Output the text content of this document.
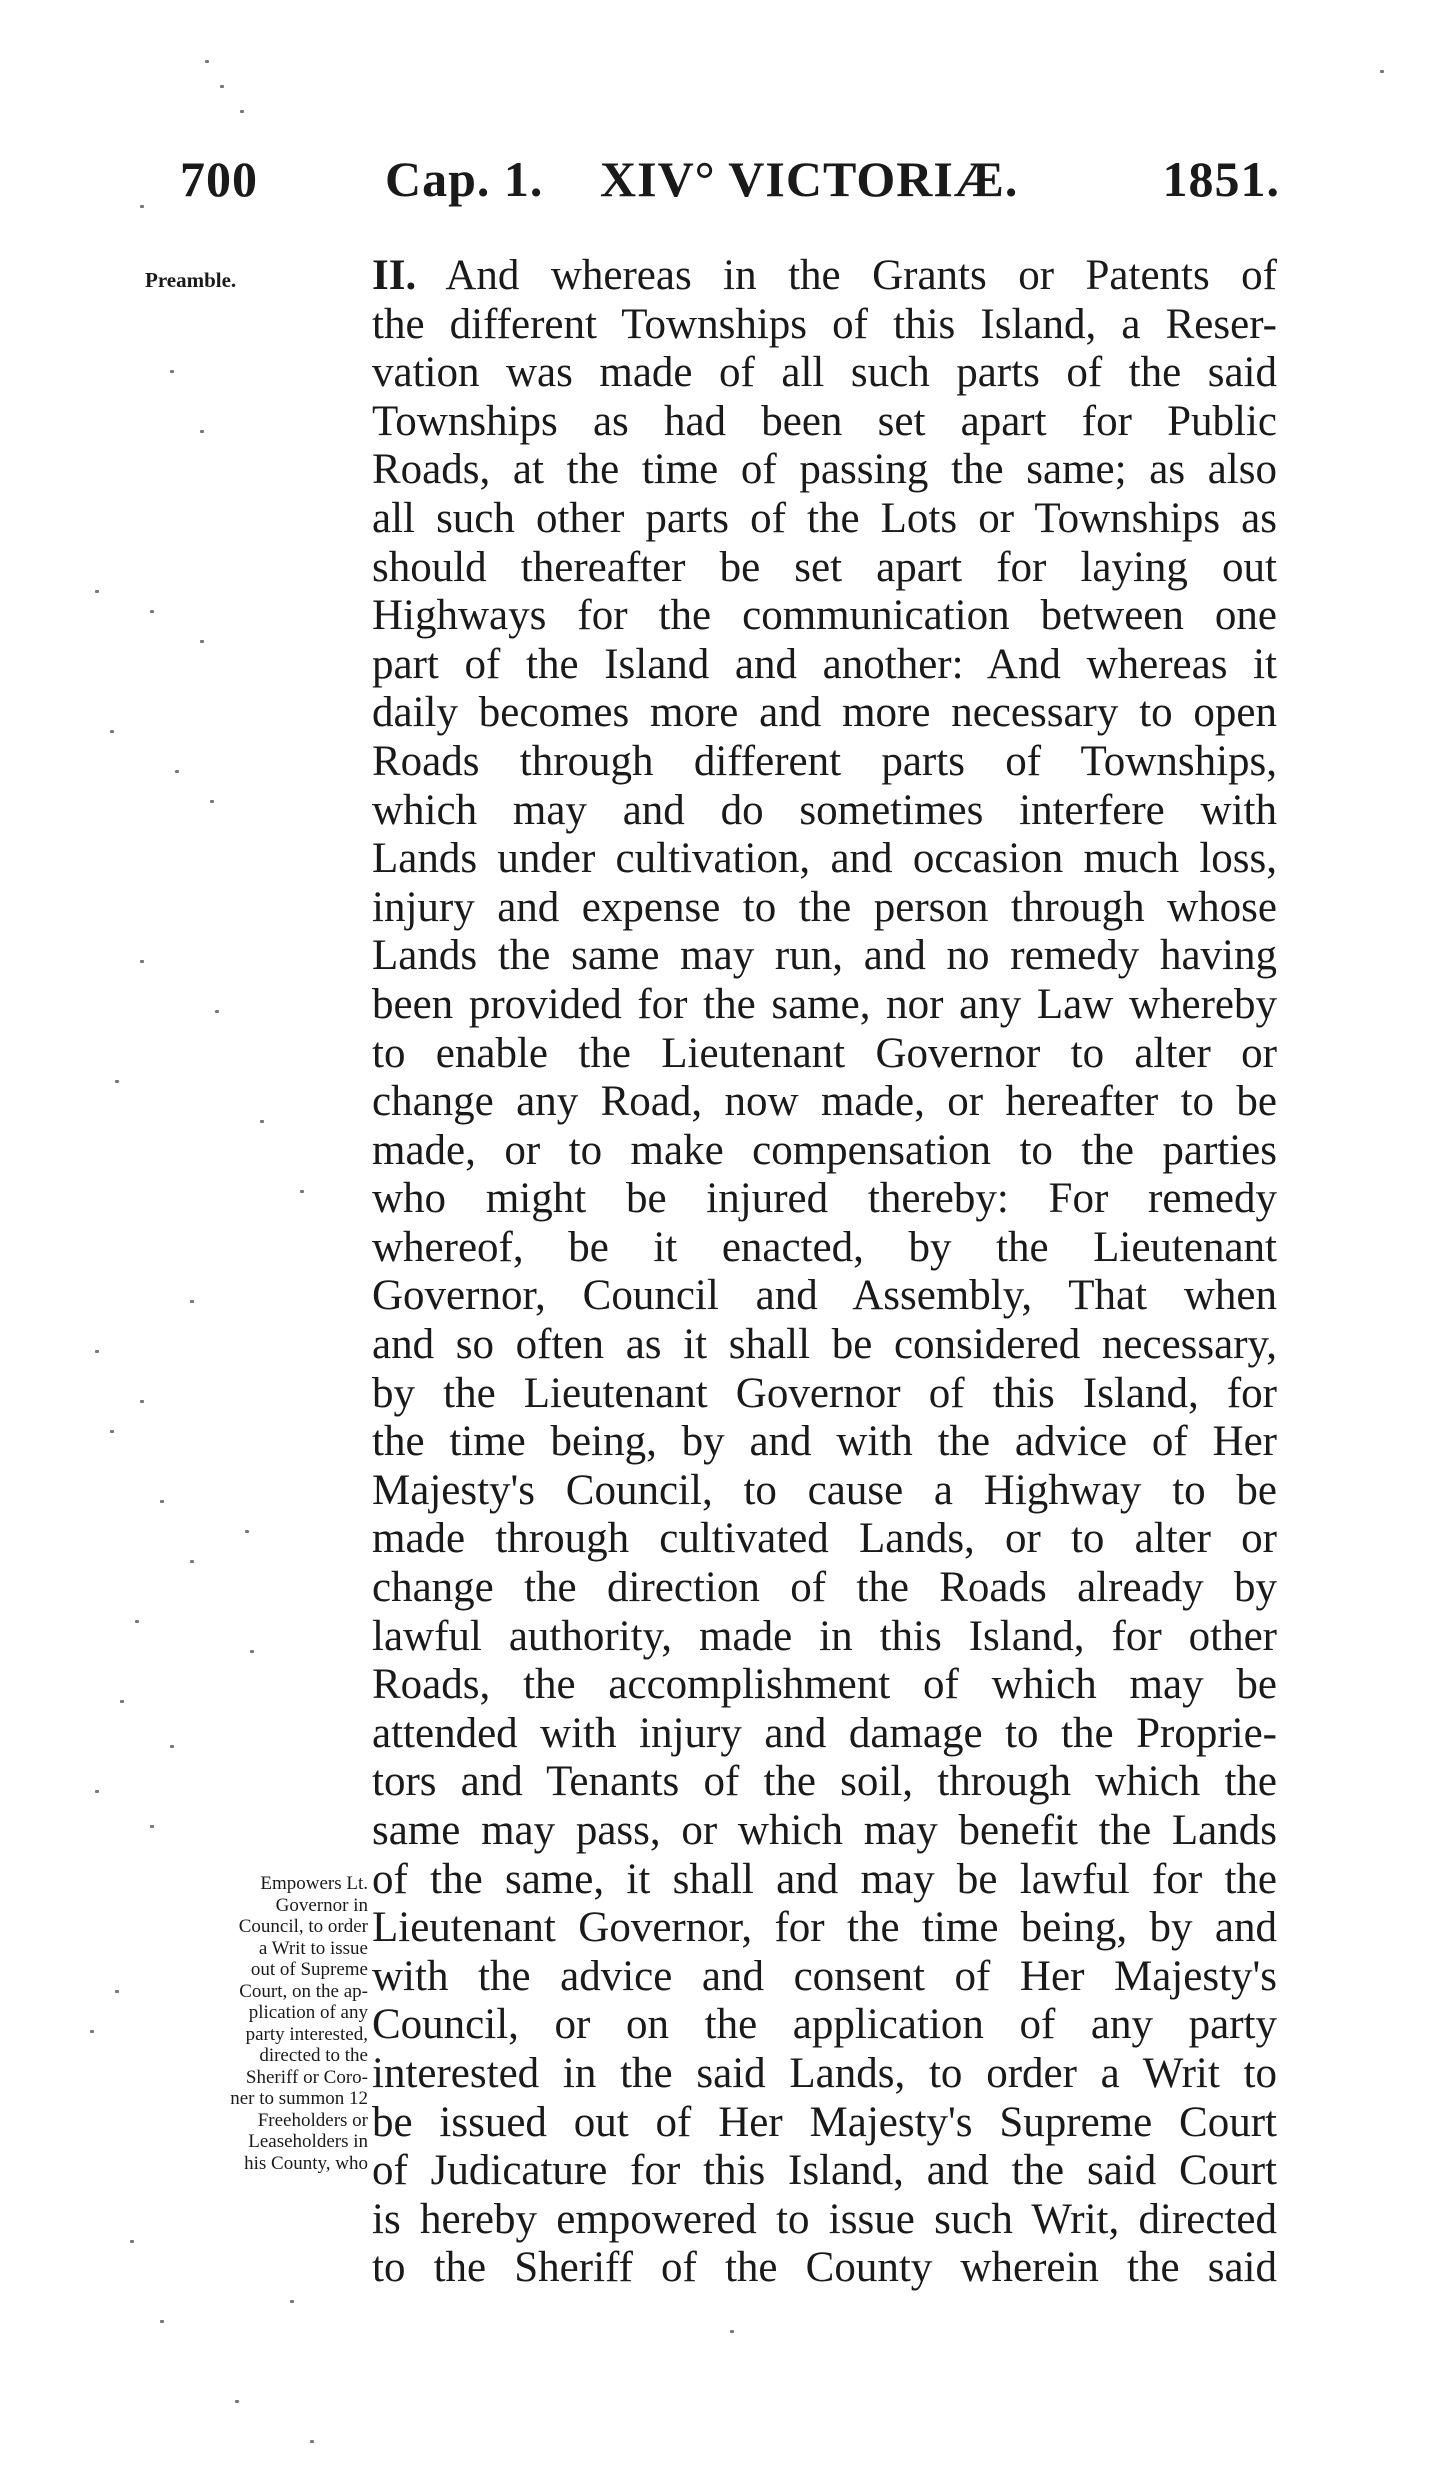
700	Cap. 1. XIV° VICTORIÆ.	1851.
Preamble.
Empowers Lt.
Governor in
Council, to order
a Writ to issue
out of Supreme
Court, on the ap-
plication of any
party interested,
directed to the
Sheriff or Coro-
ner to summon 12
Freeholders or
Leaseholders in
his County, who
II. And whereas in the Grants or Patents of
the different Townships of this Island, a Reser-
vation was made of all such parts of the said
Townships as had been set apart for Public
Roads, at the time of passing the same; as also
all such other parts of the Lots or Townships as
should thereafter be set apart for laying out
Highways for the communication between one
part of the Island and another: And whereas it
daily becomes more and more necessary to open
Roads through different parts of Townships,
which may and do sometimes interfere with
Lands under cultivation, and occasion much loss,
injury and expense to the person through whose
Lands the same may run, and no remedy having
been provided for the same, nor any Law whereby
to enable the Lieutenant Governor to alter or
change any Road, now made, or hereafter to be
made, or to make compensation to the parties
who might be injured thereby: For remedy
whereof, be it enacted, by the Lieutenant
Governor, Council and Assembly, That when
and so often as it shall be considered necessary,
by the Lieutenant Governor of this Island, for
the time being, by and with the advice of Her
Majesty's Council, to cause a Highway to be
made through cultivated Lands, or to alter or
change the direction of the Roads already by
lawful authority, made in this Island, for other
Roads, the accomplishment of which may be
attended with injury and damage to the Proprie-
tors and Tenants of the soil, through which the
same may pass, or which may benefit the Lands
of the same, it shall and may be lawful for the
Lieutenant Governor, for the time being, by and
with the advice and consent of Her Majesty's
Council, or on the application of any party
interested in the said Lands, to order a Writ to
be issued out of Her Majesty's Supreme Court
of Judicature for this Island, and the said Court
is hereby empowered to issue such Writ, directed
to the Sheriff of the County wherein the said
